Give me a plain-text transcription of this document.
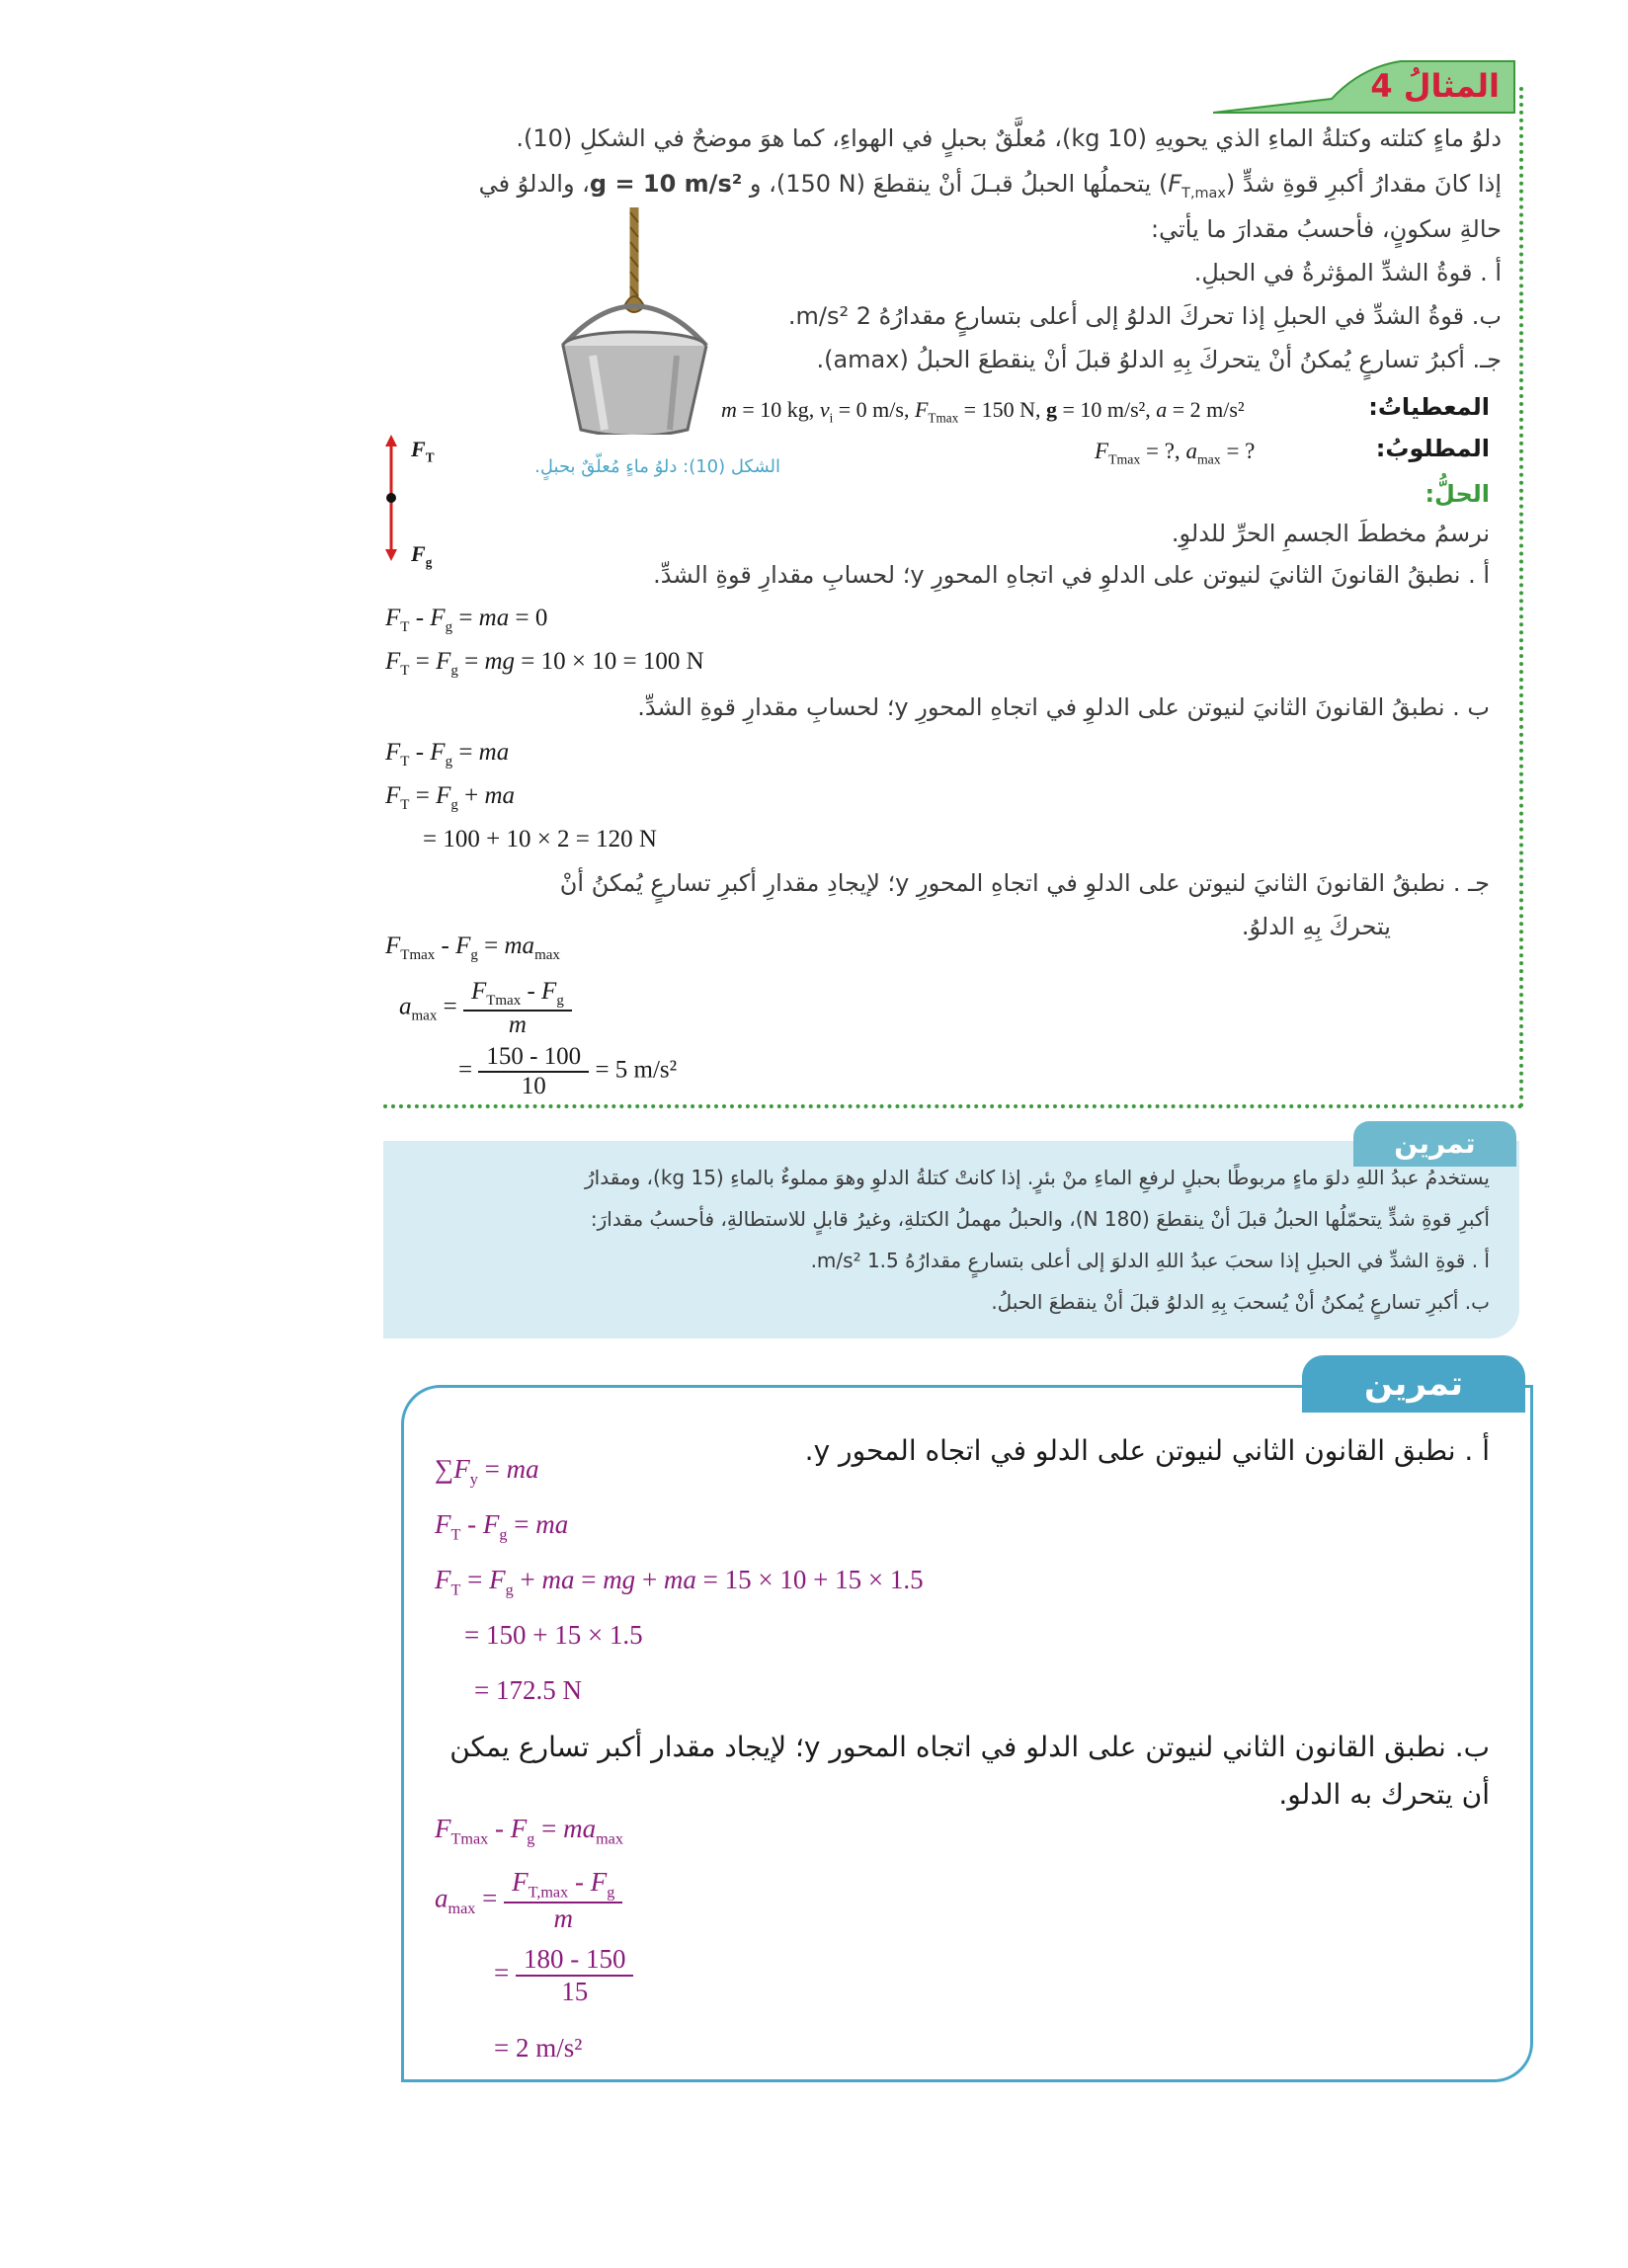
المثالُ 4
دلوُ ماءٍ كتلته وكتلةُ الماءِ الذي يحويهِ (10 kg)، مُعلَّقٌ بحبلٍ في الهواءِ، كما هوَ موضحٌ في الشكلِ (10).
إذا كانَ مقدارُ أكبرِ قوةِ شدٍّ $(F_{T,max})$ يتحملُها الحبلُ قبـلَ أنْ ينقطعَ (150 N)، و g = 10 m/s²، والدلوُ في
حالةِ سكونٍ، فأحسبُ مقدارَ ما يأتي:
أ . قوةُ الشدِّ المؤثرةُ في الحبلِ.
ب. قوةُ الشدِّ في الحبلِ إذا تحركَ الدلوُ إلى أعلى بتسارعٍ مقدارُهُ 2 m/s².
جـ. أكبرُ تسارعٍ يُمكنُ أنْ يتحركَ بِهِ الدلوُ قبلَ أنْ ينقطعَ الحبلُ (amax).
m = 10 kg, $v_i = 0$ m/s, $F_{Tmax} = 150$ N, g = 10 m/s², a = 2 m/s²	المعطياتُ:
$F_{Tmax}$ = ?, $a_{max}$ = ?	المطلوبُ:
الشكل (10): دلوُ ماءٍ مُعلّقٌ بحبلٍ.
$F_T$
$F_g$
الحلُّ:
نرسمُ مخططَ الجسمِ الحرِّ للدلوِ.
أ . نطبقُ القانونَ الثانيَ لنيوتن على الدلوِ في اتجاهِ المحورِ y؛ لحسابِ مقدارِ قوةِ الشدِّ.
$F_T - F_g$ = ma = 0
$F_T = F_g$ = mg = 10 × 10 = 100 N
ب . نطبقُ القانونَ الثانيَ لنيوتن على الدلوِ في اتجاهِ المحورِ y؛ لحسابِ مقدارِ قوةِ الشدِّ.
$F_T - F_g$ = ma
$F_T = F_g$ + ma
= 100 + 10 × 2 = 120 N
جـ . نطبقُ القانونَ الثانيَ لنيوتن على الدلوِ في اتجاهِ المحورِ y؛ لإيجادِ مقدارِ أكبرِ تسارعٍ يُمكنُ أنْ
يتحركَ بِهِ الدلوُ.
$F_{Tmax} - F_g = ma_{max}$
$a_{max} = \frac{F_{Tmax} - F_g}{m}$
= $\frac{150 - 100}{10} = 5$ m/s²
تمرين
يستخدمُ عبدُ اللهِ دلوَ ماءٍ مربوطًا بحبلٍ لرفعِ الماءِ منْ بئرٍ. إذا كانتْ كتلةُ الدلوِ وهوَ مملوءٌ بالماءِ (15 kg)، ومقدارُ
أكبرِ قوةِ شدٍّ يتحمّلُها الحبلُ قبلَ أنْ ينقطعَ (180 N)، والحبلُ مهملُ الكتلةِ، وغيرُ قابلٍ للاستطالةِ، فأحسبُ مقدارَ:
أ . قوةِ الشدِّ في الحبلِ إذا سحبَ عبدُ اللهِ الدلوَ إلى أعلى بتسارعٍ مقدارُهُ 1.5 m/s².
ب. أكبرِ تسارعٍ يُمكنُ أنْ يُسحبَ بِهِ الدلوُ قبلَ أنْ ينقطعَ الحبلُ.
تمرين
أ . نطبق القانون الثاني لنيوتن على الدلو في اتجاه المحور y.
$\sum F_y$ = ma
$F_T - F_g$ = ma
$F_T = F_g$ + ma = mg + ma = 15 × 10 + 15 × 1.5
= 150 + 15 × 1.5
= 172.5 N
ب. نطبق القانون الثاني لنيوتن على الدلو في اتجاه المحور y؛ لإيجاد مقدار أكبر تسارع يمكن
أن يتحرك به الدلو.
$F_{Tmax} - F_g = ma_{max}$
$a_{max} = \frac{F_{T,max} - F_g}{m}$
= $\frac{180 - 150}{15}$
= 2 m/s²
